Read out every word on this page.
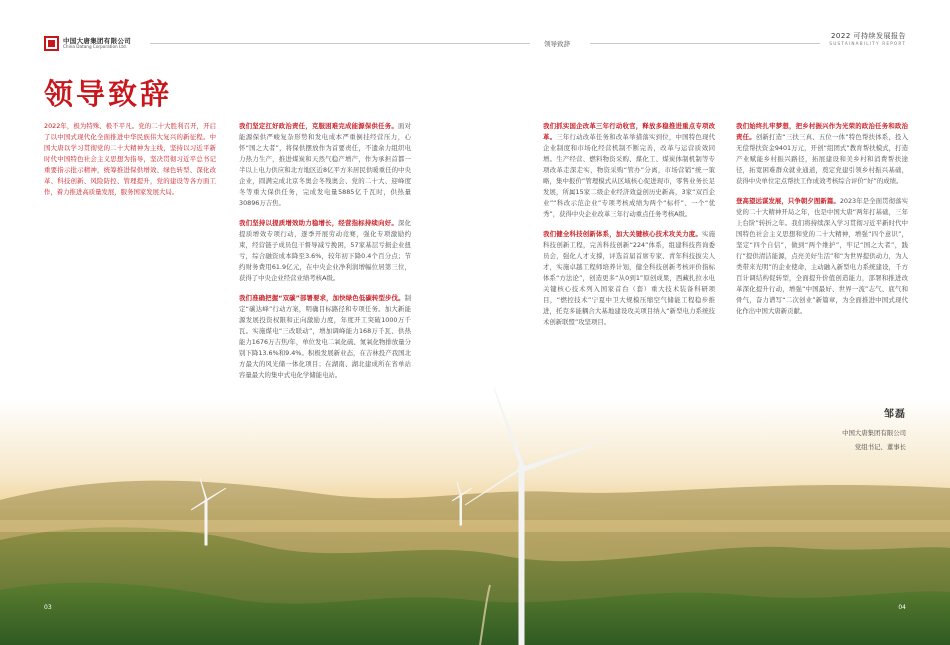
中国大唐集团有限公司
China Datang Corporation Ltd.	领导致辞
2022 可持续发展报告
SUSTAINABILITY REPORT
领导致辞

2022年，极为特殊、极不平凡。党的二十大胜利召开，开启了以中国式现代化全面推进中华民族伟大复兴的新征程。中国大唐以学习贯彻党的二十大精神为主线，坚持以习近平新时代中国特色社会主义思想为指导，坚决贯彻习近平总书记重要指示批示精神，统筹推进保供增效、绿色转型、深化改革、科技创新、风险防控、管理提升，党的建设等各方面工作，着力推进高质量发展，服务国家发展大局。

我们坚定扛好政治责任，克服困难完成能源保供任务。面对能源保供严峻复杂形势和发电成本严重倒挂经营压力，心怀“国之大者”，将保供摆放作为首要责任，不遗余力组织电力热力生产，推进煤炭和天然气稳产增产，作为承担首都一半以上电力供应和北方地区近8亿平方米居民供暖重任的中央企业，圆满完成北京冬奥会冬残奥会、党的二十大、迎峰度冬等重大保供任务，完成发电量5885亿千瓦时，供热量30896万吉焦。

我们坚持以提质增效助力稳增长，经营指标持续向好。深化提质增效专项行动，逐季开展劳动竞赛，强化专项激励约束，经营链子成员包干督导减亏挽困，57家基层亏损企业扭亏，综合融资成本降至3.6%，较年初下降0.4个百分点；节约财务费用61.9亿元，在中央企业净利润增幅位居第三位，获得了中央企业经营业绩考核A级。

我们准确把握“双碳”部署要求，加快绿色低碳转型步伐。制定“碳达峰”行动方案，明确目标路径和专项任务。加大新能源发展投资权限和正向激励力度，年度开工突破1000万千瓦。实施煤电“三改联动”，增加调峰能力168万千瓦、供热能力1676万吉焦/年，单位发电二氧化硫、氮氧化物排放量分别下降13.6%和9.4%。积极发展新业态，在吉林投产我国北方最大的风光储一体化项目；在湖南、湖北建成所在省单站容量最大的集中式电化学储能电站。

我们抓实国企改革三年行动收官，释放多稳推进重点专项改革。三年行动改革任务和改革举措落实到位，中国特色现代企业制度和市场化经营机制不断完善，改革与运营质效同增。生产经营、燃料物资采购、煤化工、煤炭体制机制等专项改革走深走实，物资采购“管办”分离，市场营销“统一策略，集中报价”管理模式从区域核心促进现市，零售业务长足发展，所属15家二级企业经济效益创历史新高，3家“双百企业”“科改示范企业”专项考核成绩为两个“标杆”、一个“优秀”，获得中央企业改革三年行动重点任务考核A级。

我们健全科技创新体系，加大关键核心技术攻关力度。实施科技创新工程，完善科技创新“224”体系，组建科技咨询委员会，强化人才支撑，评选首届首席专家、青年科技拔尖人才，实施卓越工程师培养计划，健全科技创新考核评价指标体系“方法论”，创造更多“从0到1”原创成果，西藏扎拉水电关键核心技术列入国家首台（套）重大技术装备科研项目，“燃控技术”宁夏中卫大规模压缩空气储能工程稳步推进，托克多能耦合大基地建设攻关项目纳入“新型电力系统技术创新联盟”攻坚项目。

我们始终扎牢梦想，把乡村振兴作为光荣的政治任务和政治责任。创新打造“三扶三真、五位一体”特色帮扶体系，投入无偿帮扶资金9401万元，开创“组团式”教育帮扶模式，打造产业赋能乡村振兴路径，拓展建设和美乡村和消费帮扶途径，拓宽困难群众就业通道，奠定党建引领乡村振兴基础，获得中央单位定点帮扶工作成效考核综合评价“好”的成绩。

登高望远谋发展，只争朝夕图新篇。2023年是全面贯彻落实党的二十大精神开局之年，也是中国大唐“两年打基础，三年上台阶”转折之年。我们将持续深入学习贯彻习近平新时代中国特色社会主义思想和党的二十大精神，增强“四个意识”，坚定“四个自信”，做到“两个维护”，牢记“国之大者”，践行“提供清洁能源，点亮美好生活”和“为世界提供动力，为人类带来光明”的企业使命，主动融入新型电力系统建设，千方百计调结构促转型，全面提升价值创造能力，部署和推进改革深化提升行动，增强“中国最好、世界一流”志气、底气和骨气，奋力谱写“二次创业”新篇章，为全面推进中国式现代化作出中国大唐新贡献。

邹磊
中国大唐集团有限公司
党组书记、董事长
03	04
